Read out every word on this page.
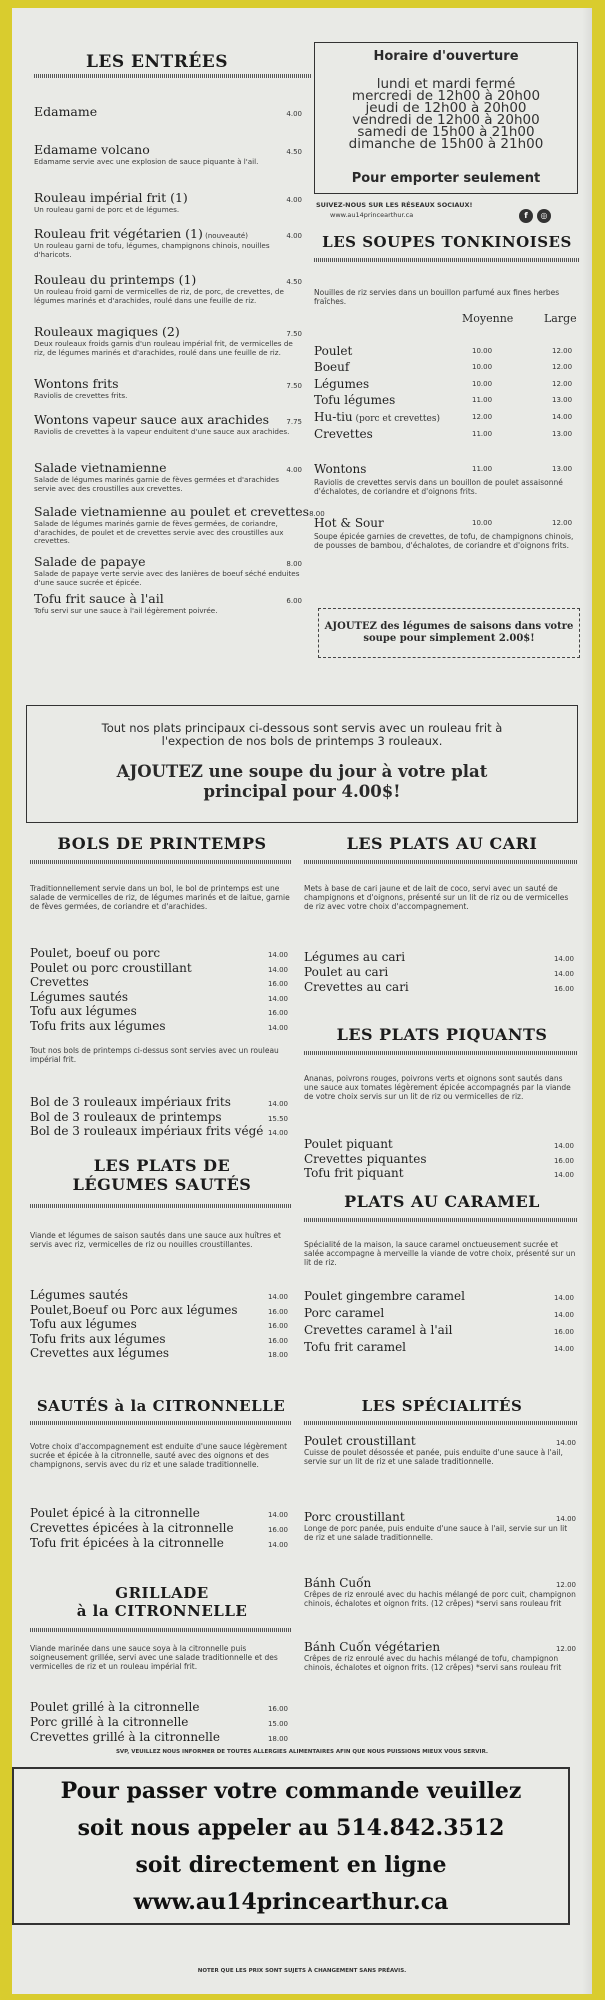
LES ENTRÉES
Edamame	4.00
Edamame volcano	4.50
Edamame servie avec une explosion de sauce piquante à l'ail.
Rouleau impérial frit (1)	4.00
Un rouleau garni de porc et de légumes.
Rouleau frit végétarien (1) (nouveauté)	4.00
Un rouleau garni de tofu, légumes, champignons chinois, nouilles d'haricots.
Rouleau du printemps (1)	4.50
Un rouleau froid garni de vermicelles de riz, de porc, de crevettes, de légumes marinés et d'arachides, roulé dans une feuille de riz.
Rouleaux magiques (2)	7.50
Deux rouleaux froids garnis d'un rouleau impérial frit, de vermicelles de riz, de légumes marinés et d'arachides, roulé dans une feuille de riz.
Wontons frits	7.50
Raviolis de crevettes frits.
Wontons vapeur sauce aux arachides 7.75
Raviolis de crevettes à la vapeur enduitent d'une sauce aux arachides.
Salade vietnamienne	4.00
Salade de légumes marinés garnie de fèves germées et d'arachides servie avec des croustilles aux crevettes.
Salade vietnamienne au poulet et crevettes 8.00
Salade de légumes marinés garnie de fèves germées, de coriandre, d'arachides, de poulet et de crevettes servie avec des croustilles aux crevettes.
Salade de papaye	8.00
Salade de papaye verte servie avec des lanières de boeuf séché enduites d'une sauce sucrée et épicée.
Tofu frit sauce à l'ail	6.00
Tofu servi sur une sauce à l'ail légèrement poivrée.
Horaire d'ouverture
lundi et mardi fermé
mercredi de 12h00 à 20h00
jeudi de 12h00 à 20h00
vendredi de 12h00 à 20h00
samedi de 15h00 à 21h00
dimanche de 15h00 à 21h00
Pour emporter seulement
SUIVEZ-NOUS SUR LES RÉSEAUX SOCIAUX!
www.au14princearthur.ca	f ◎
LES SOUPES TONKINOISES
Nouilles de riz servies dans un bouillon parfumé aux fines herbes fraîches.
Moyenne	Large
Poulet	10.00	12.00
Boeuf	10.00	12.00
Légumes	10.00	12.00
Tofu légumes	11.00	13.00
Hu-tiu (porc et crevettes)	12.00	14.00
Crevettes	11.00	13.00
Wontons	11.00	13.00
Raviolis de crevettes servis dans un bouillon de poulet assaisonné d'échalotes, de coriandre et d'oignons frits.
Hot & Sour	10.00	12.00
Soupe épicée garnies de crevettes, de tofu, de champignons chinois, de pousses de bambou, d'échalotes, de coriandre et d'oignons frits.
AJOUTEZ des légumes de saisons dans votre soupe pour simplement 2.00$!
Tout nos plats principaux ci-dessous sont servis avec un rouleau frit à l'expection de nos bols de printemps 3 rouleaux.
AJOUTEZ une soupe du jour à votre plat principal pour 4.00$!
BOLS DE PRINTEMPS
Traditionnellement servie dans un bol, le bol de printemps est une salade de vermicelles de riz, de légumes marinés et de laitue, garnie de fèves germées, de coriandre et d'arachides.
Poulet, boeuf ou porc	14.00
Poulet ou porc croustillant	14.00
Crevettes	16.00
Légumes sautés	14.00
Tofu aux légumes	16.00
Tofu frits aux légumes	14.00
Tout nos bols de printemps ci-dessus sont servies avec un rouleau impérial frit.
Bol de 3 rouleaux impériaux frits	14.00
Bol de 3 rouleaux de printemps	15.50
Bol de 3 rouleaux impériaux frits végé 14.00
LES PLATS AU CARI
Mets à base de cari jaune et de lait de coco, servi avec un sauté de champignons et d'oignons, présenté sur un lit de riz ou de vermicelles de riz avec votre choix d'accompagnement.
Légumes au cari	14.00
Poulet au cari	14.00
Crevettes au cari	16.00
LES PLATS PIQUANTS
Ananas, poivrons rouges, poivrons verts et oignons sont sautés dans une sauce aux tomates légèrement épicée accompagnés par la viande de votre choix servis sur un lit de riz ou vermicelles de riz.
Poulet piquant	14.00
Crevettes piquantes	16.00
Tofu frit piquant	14.00
LES PLATS DE
LÉGUMES SAUTÉS
Viande et légumes de saison sautés dans une sauce aux huîtres et servis avec riz, vermicelles de riz ou nouilles croustillantes.
Légumes sautés	14.00
Poulet,Boeuf ou Porc aux légumes	16.00
Tofu aux légumes	16.00
Tofu frits aux légumes	16.00
Crevettes aux légumes	18.00
PLATS AU CARAMEL
Spécialité de la maison, la sauce caramel onctueusement sucrée et salée accompagne à merveille la viande de votre choix, présenté sur un lit de riz.
Poulet gingembre caramel	14.00
Porc caramel	14.00
Crevettes caramel à l'ail	16.00
Tofu frit caramel	14.00
SAUTÉS à la CITRONNELLE
Votre choix d'accompagnement est enduite d'une sauce légèrement sucrée et épicée à la citronnelle, sauté avec des oignons et des champignons, servis avec du riz et une salade traditionnelle.
Poulet épicé à la citronnelle	14.00
Crevettes épicées à la citronnelle	16.00
Tofu frit épicées à la citronnelle	14.00
GRILLADE
à la CITRONNELLE
Viande marinée dans une sauce soya à la citronnelle puis soigneusement grillée, servi avec une salade traditionnelle et des vermicelles de riz et un rouleau impérial frit.
Poulet grillé à la citronnelle	16.00
Porc grillé à la citronnelle	15.00
Crevettes grillé à la citronnelle	18.00
LES SPÉCIALITÉS
Poulet croustillant	14.00
Cuisse de poulet désossée et panée, puis enduite d'une sauce à l'ail, servie sur un lit de riz et une salade traditionnelle.
Porc croustillant	14.00
Longe de porc panée, puis enduite d'une sauce à l'ail, servie sur un lit de riz et une salade traditionnelle.
Bánh Cuốn	12.00
Crêpes de riz enroulé avec du hachis mélangé de porc cuit, champignon chinois, échalotes et oignon frits. (12 crêpes) *servi sans rouleau frit
Bánh Cuốn végétarien	12.00
Crêpes de riz enroulé avec du hachis mélangé de tofu, champignon chinois, échalotes et oignon frits. (12 crêpes) *servi sans rouleau frit
SVP, VEUILLEZ NOUS INFORMER DE TOUTES ALLERGIES ALIMENTAIRES AFIN QUE NOUS PUISSIONS MIEUX VOUS SERVIR.
Pour passer votre commande veuillez
soit nous appeler au 514.842.3512
soit directement en ligne
www.au14princearthur.ca
NOTER QUE LES PRIX SONT SUJETS À CHANGEMENT SANS PRÉAVIS.
